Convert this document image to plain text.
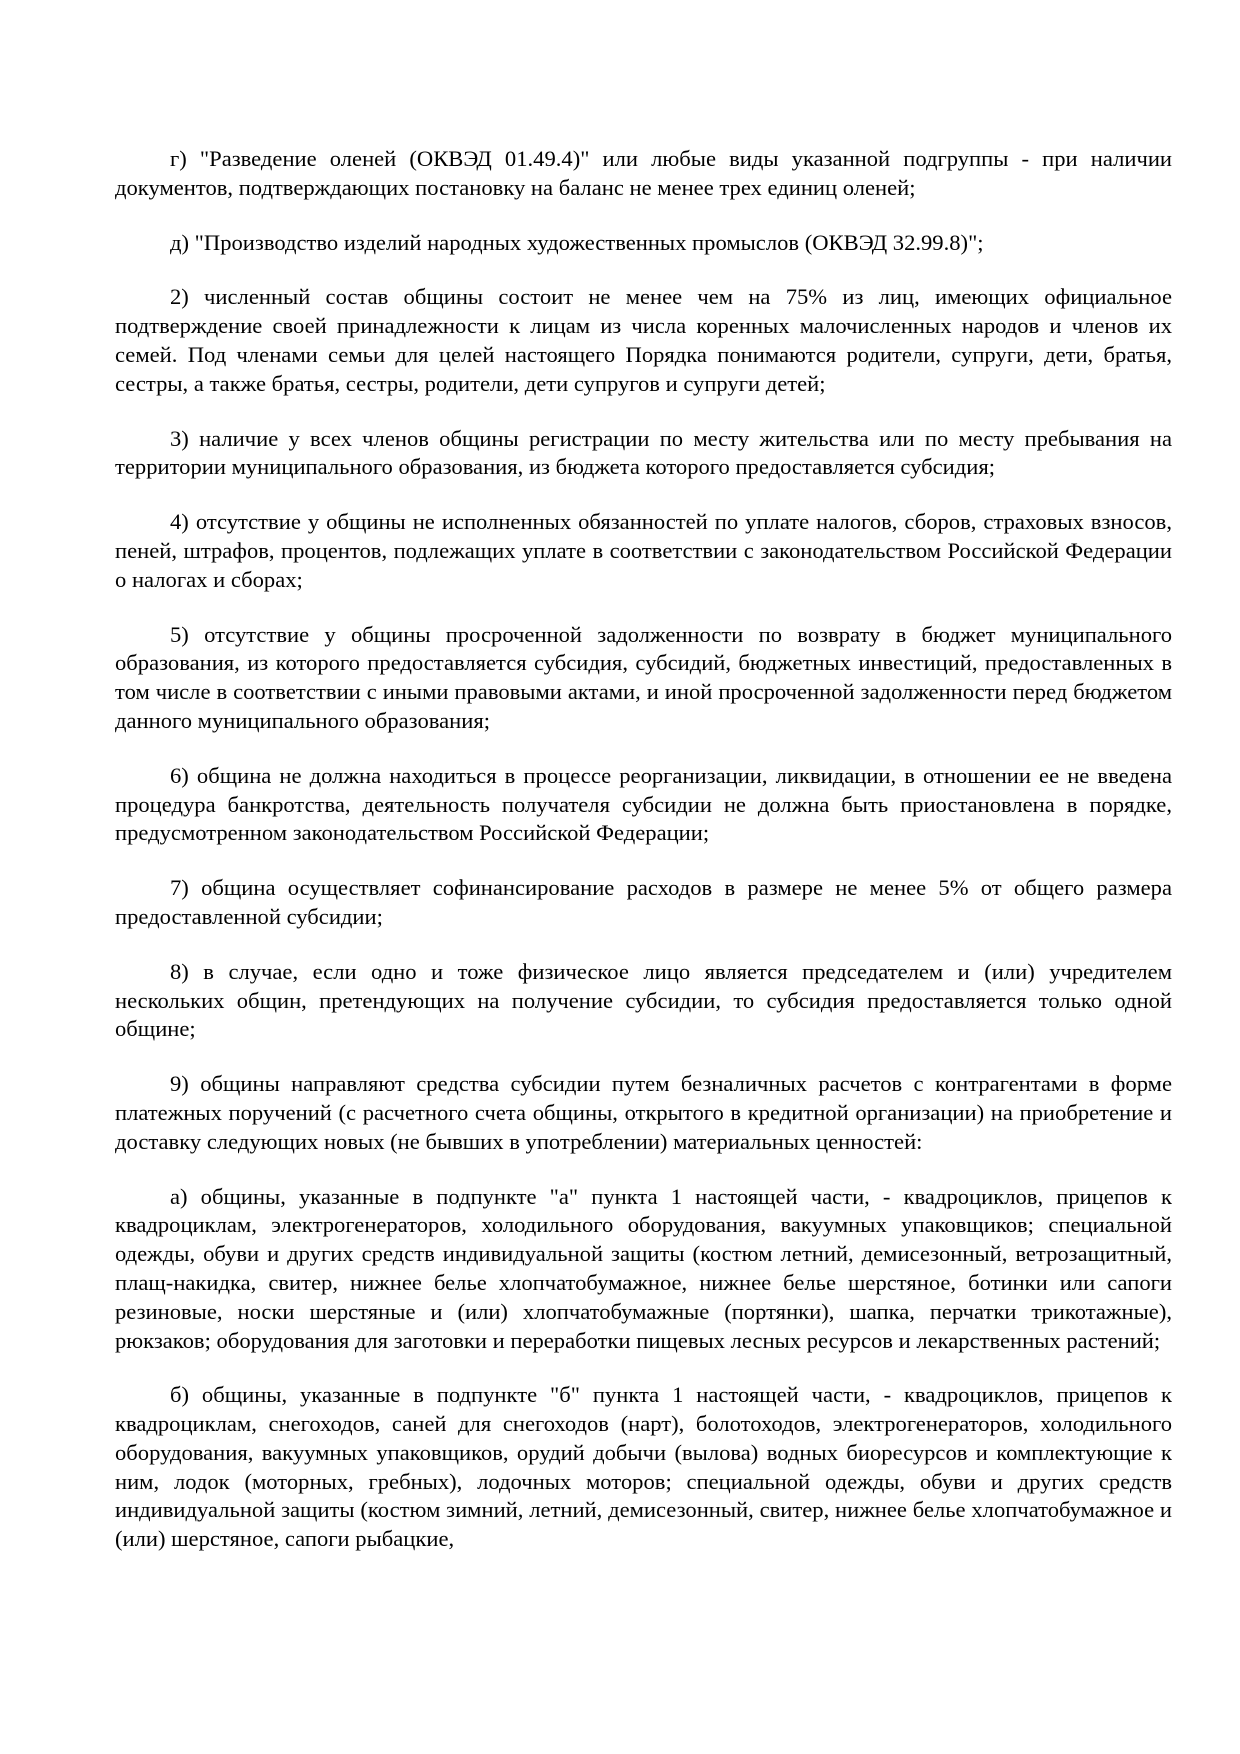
г) "Разведение оленей (ОКВЭД 01.49.4)" или любые виды указанной подгруппы - при наличии документов, подтверждающих постановку на баланс не менее трех единиц оленей;

д) "Производство изделий народных художественных промыслов (ОКВЭД 32.99.8)";

2) численный состав общины состоит не менее чем на 75% из лиц, имеющих официальное подтверждение своей принадлежности к лицам из числа коренных малочисленных народов и членов их семей. Под членами семьи для целей настоящего Порядка понимаются родители, супруги, дети, братья, сестры, а также братья, сестры, родители, дети супругов и супруги детей;

3) наличие у всех членов общины регистрации по месту жительства или по месту пребывания на территории муниципального образования, из бюджета которого предоставляется субсидия;

4) отсутствие у общины не исполненных обязанностей по уплате налогов, сборов, страховых взносов, пеней, штрафов, процентов, подлежащих уплате в соответствии с законодательством Российской Федерации о налогах и сборах;

5) отсутствие у общины просроченной задолженности по возврату в бюджет муниципального образования, из которого предоставляется субсидия, субсидий, бюджетных инвестиций, предоставленных в том числе в соответствии с иными правовыми актами, и иной просроченной задолженности перед бюджетом данного муниципального образования;

6) община не должна находиться в процессе реорганизации, ликвидации, в отношении ее не введена процедура банкротства, деятельность получателя субсидии не должна быть приостановлена в порядке, предусмотренном законодательством Российской Федерации;

7) община осуществляет софинансирование расходов в размере не менее 5% от общего размера предоставленной субсидии;

8) в случае, если одно и тоже физическое лицо является председателем и (или) учредителем нескольких общин, претендующих на получение субсидии, то субсидия предоставляется только одной общине;

9) общины направляют средства субсидии путем безналичных расчетов с контрагентами в форме платежных поручений (с расчетного счета общины, открытого в кредитной организации) на приобретение и доставку следующих новых (не бывших в употреблении) материальных ценностей:

а) общины, указанные в подпункте "а" пункта 1 настоящей части, - квадроциклов, прицепов к квадроциклам, электрогенераторов, холодильного оборудования, вакуумных упаковщиков; специальной одежды, обуви и других средств индивидуальной защиты (костюм летний, демисезонный, ветрозащитный, плащ-накидка, свитер, нижнее белье хлопчатобумажное, нижнее белье шерстяное, ботинки или сапоги резиновые, носки шерстяные и (или) хлопчатобумажные (портянки), шапка, перчатки трикотажные), рюкзаков; оборудования для заготовки и переработки пищевых лесных ресурсов и лекарственных растений;

б) общины, указанные в подпункте "б" пункта 1 настоящей части, - квадроциклов, прицепов к квадроциклам, снегоходов, саней для снегоходов (нарт), болотоходов, электрогенераторов, холодильного оборудования, вакуумных упаковщиков, орудий добычи (вылова) водных биоресурсов и комплектующие к ним, лодок (моторных, гребных), лодочных моторов; специальной одежды, обуви и других средств индивидуальной защиты (костюм зимний, летний, демисезонный, свитер, нижнее белье хлопчатобумажное и (или) шерстяное, сапоги рыбацкие,
